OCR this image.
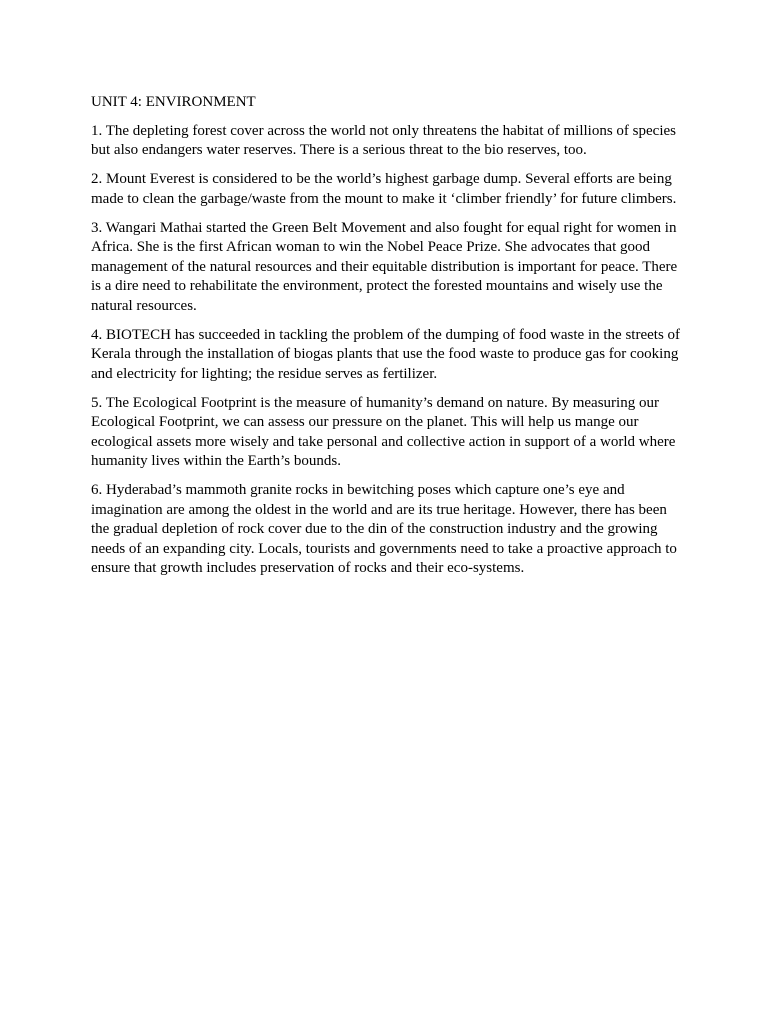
UNIT 4: ENVIRONMENT

1. The depleting forest cover across the world not only threatens the habitat of millions of species but also endangers water reserves. There is a serious threat to the bio reserves, too.

2. Mount Everest is considered to be the world’s highest garbage dump. Several efforts are being made to clean the garbage/waste from the mount to make it ‘climber friendly’ for future climbers.

3. Wangari Mathai started the Green Belt Movement and also fought for equal right for women in Africa. She is the first African woman to win the Nobel Peace Prize. She advocates that good management of the natural resources and their equitable distribution is important for peace. There is a dire need to rehabilitate the environment, protect the forested mountains and wisely use the natural resources.

4. BIOTECH has succeeded in tackling the problem of the dumping of food waste in the streets of Kerala through the installation of biogas plants that use the food waste to produce gas for cooking and electricity for lighting; the residue serves as fertilizer.

5. The Ecological Footprint is the measure of humanity’s demand on nature. By measuring our Ecological Footprint, we can assess our pressure on the planet. This will help us mange our ecological assets more wisely and take personal and collective action in support of a world where humanity lives within the Earth’s bounds.

6. Hyderabad’s mammoth granite rocks in bewitching poses which capture one’s eye and imagination are among the oldest in the world and are its true heritage. However, there has been the gradual depletion of rock cover due to the din of the construction industry and the growing needs of an expanding city. Locals, tourists and governments need to take a proactive approach to ensure that growth includes preservation of rocks and their eco-systems.
